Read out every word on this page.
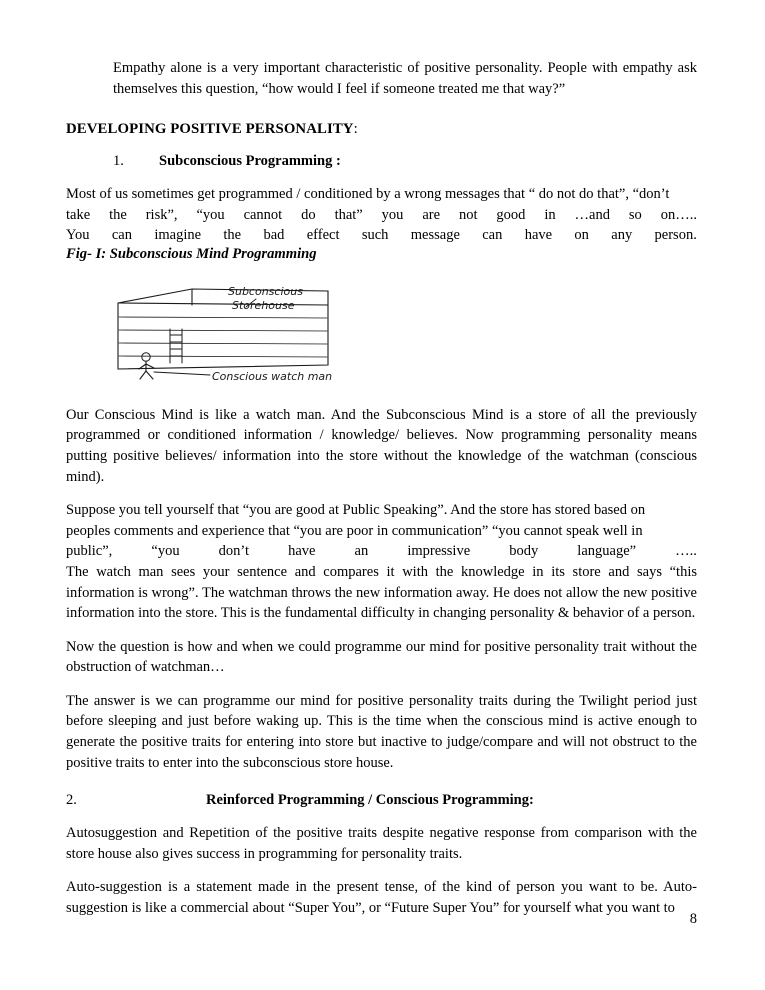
Empathy alone is a very important characteristic of positive personality. People with empathy ask themselves this question, “how would I feel if someone treated me that way?”

DEVELOPING POSITIVE PERSONALITY:
1.	Subconscious Programming :
Most of us sometimes get programmed / conditioned by a wrong messages that “ do not do that”, “don’t
take the risk”, “you cannot do that” you are not good in …and so on…..
You can imagine the bad effect such message can have on any person.
Fig- I: Subconscious Mind Programming
Subconscious
Storehouse
Conscious watch man

Our Conscious Mind is like a watch man. And the Subconscious Mind is a store of all the previously programmed or conditioned information / knowledge/ believes. Now programming personality means putting positive believes/ information into the store without the knowledge of the watchman (conscious mind).

Suppose you tell yourself that “you are good at Public Speaking”. And the store has stored based on
peoples comments and experience that “you are poor in communication” “you cannot speak well in
public”,	“you	don’t	have	an	impressive	body	language”	…..

The watch man sees your sentence and compares it with the knowledge in its store and says “this information is wrong”. The watchman throws the new information away. He does not allow the new positive information into the store. This is the fundamental difficulty in changing personality & behavior of a person.

Now the question is how and when we could programme our mind for positive personality trait without the obstruction of watchman…

The answer is we can programme our mind for positive personality traits during the Twilight period just before sleeping and just before waking up. This is the time when the conscious mind is active enough to generate the positive traits for entering into store but inactive to judge/compare and will not obstruct to the positive traits to enter into the subconscious store house.

2.	Reinforced Programming / Conscious Programming:

Autosuggestion and Repetition of the positive traits despite negative response from comparison with the store house also gives success in programming for personality traits.

Auto-suggestion is a statement made in the present tense, of the kind of person you want to be. Auto-suggestion is like a commercial about “Super You”, or “Future Super You” for yourself what you want to

8
